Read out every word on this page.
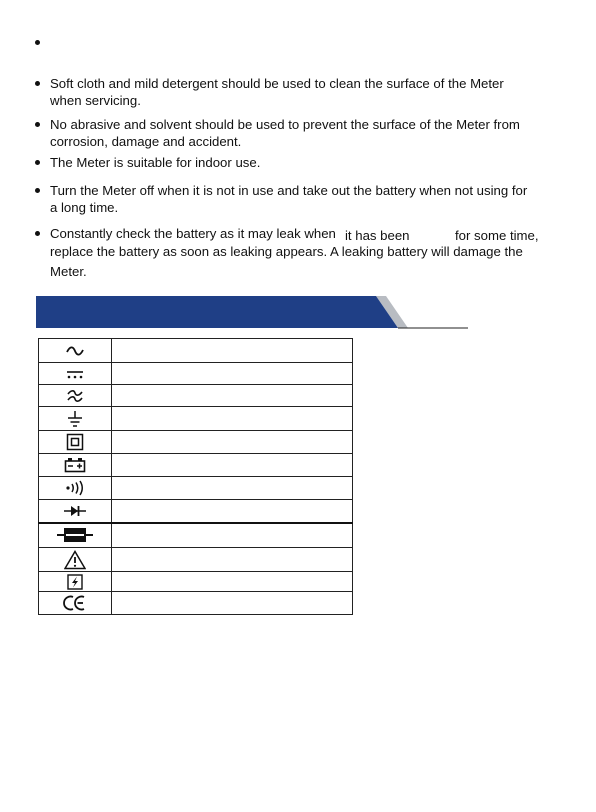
Soft cloth and mild detergent should be used to clean the surface of the Meter
when servicing.
No abrasive and solvent should be used to prevent the surface of the Meter from
corrosion, damage and accident.
The Meter is suitable for indoor use.
Turn the Meter off when it is not in use and take out the battery when not using for
a long time.
Constantly check the battery as it may leak when it has been	for some time,
replace the battery as soon as leaking appears. A leaking battery will damage the
Meter.
